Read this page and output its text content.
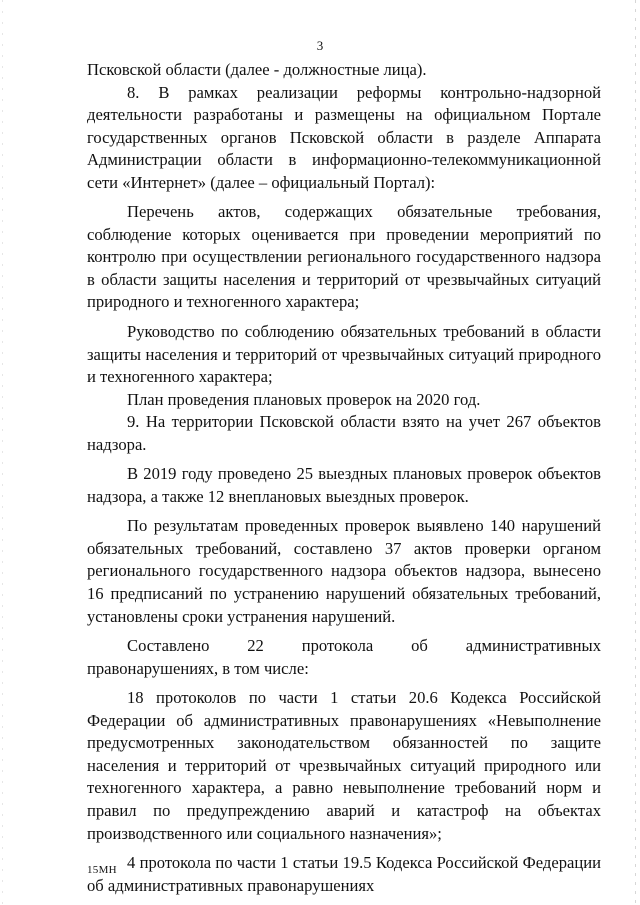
3

Псковской области (далее - должностные лица).

8. В рамках реализации реформы контрольно-надзорной деятельности разработаны и размещены на официальном Портале государственных органов Псковской области в разделе Аппарата Администрации области в информационно-телекоммуникационной сети «Интернет» (далее – официальный Портал):

Перечень актов, содержащих обязательные требования, соблюдение которых оценивается при проведении мероприятий по контролю при осуществлении регионального государственного надзора в области защиты населения и территорий от чрезвычайных ситуаций природного и техногенного характера;

Руководство по соблюдению обязательных требований в области защиты населения и территорий от чрезвычайных ситуаций природного и техногенного характера;

План проведения плановых проверок на 2020 год.

9. На территории Псковской области взято на учет 267 объектов надзора.

В 2019 году проведено 25 выездных плановых проверок объектов надзора, а также 12 внеплановых выездных проверок.

По результатам проведенных проверок выявлено 140 нарушений обязательных требований, составлено 37 актов проверки органом регионального государственного надзора объектов надзора, вынесено 16 предписаний по устранению нарушений обязательных требований, установлены сроки устранения нарушений.

Составлено 22 протокола об административных правонарушениях, в том числе:

18 протоколов по части 1 статьи 20.6 Кодекса Российской Федерации об административных правонарушениях «Невыполнение предусмотренных законодательством обязанностей по защите населения и территорий от чрезвычайных ситуаций природного или техногенного характера, а равно невыполнение требований норм и правил по предупреждению аварий и катастроф на объектах производственного или социального назначения»;

4 протокола по части 1 статьи 19.5 Кодекса Российской Федерации об административных правонарушениях

15МН
